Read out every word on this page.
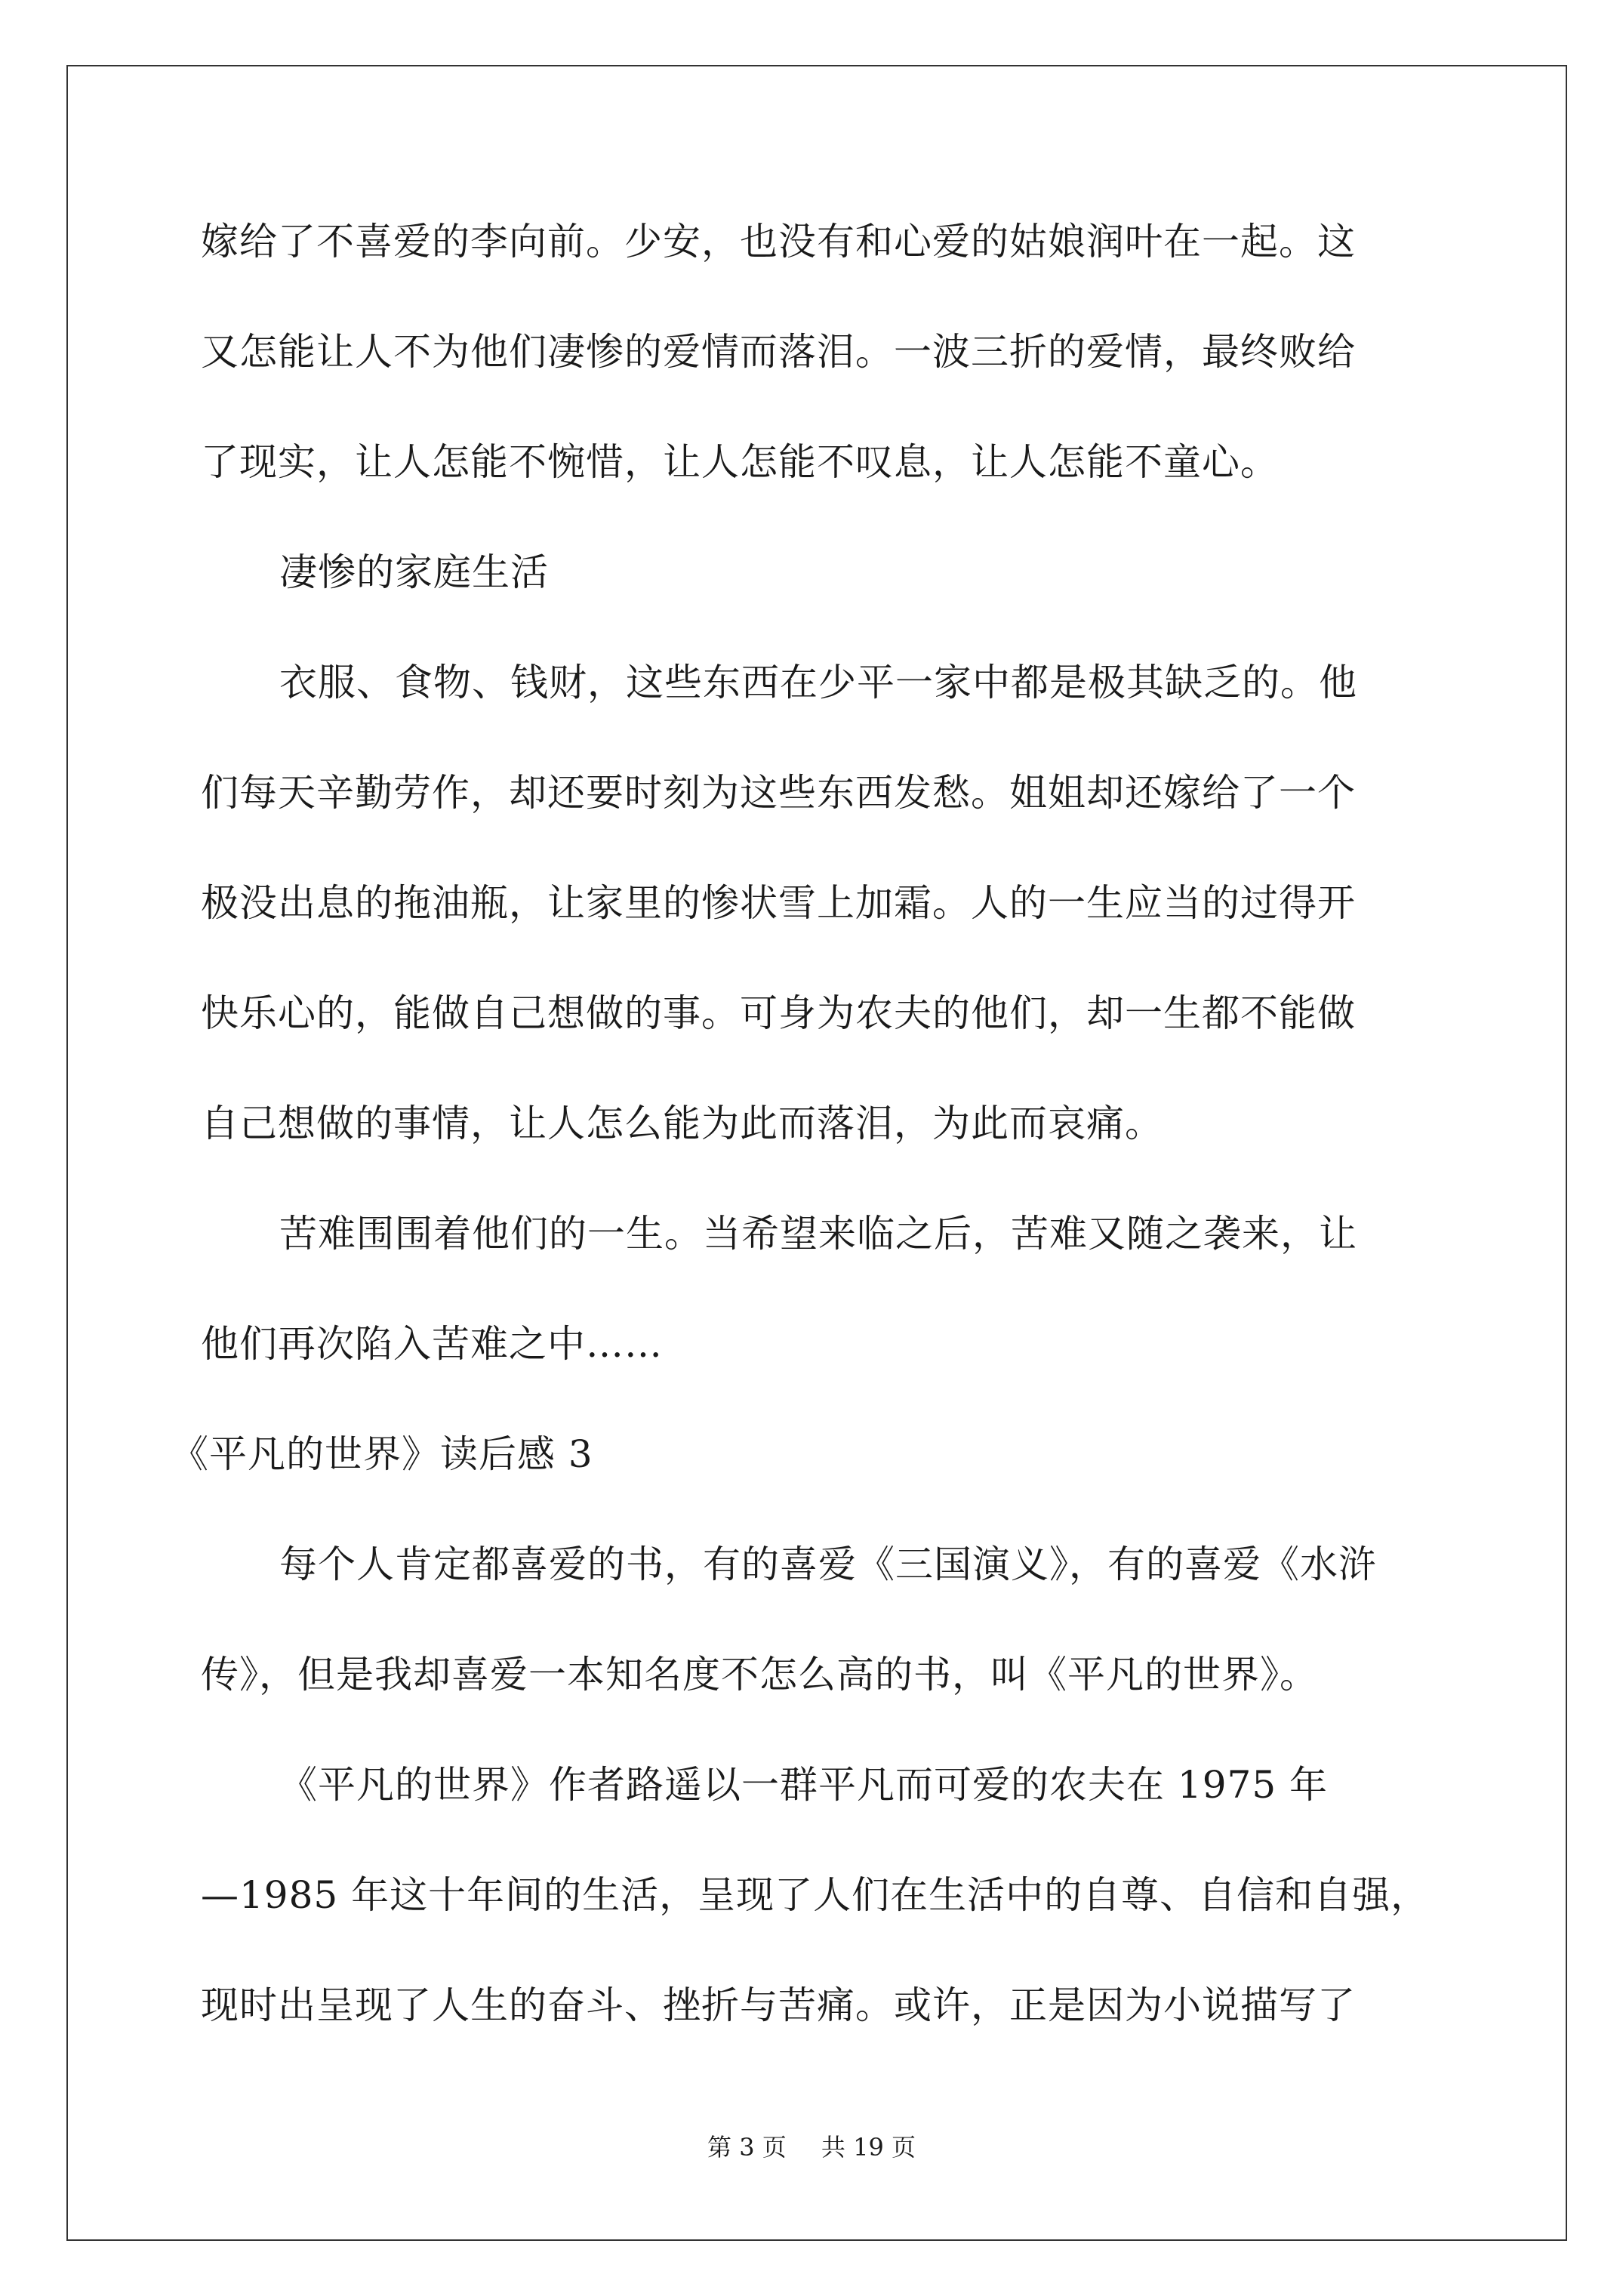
嫁给了不喜爱的李向前。少安，也没有和心爱的姑娘润叶在一起。这
又怎能让人不为他们凄惨的爱情而落泪。一波三折的爱情，最终败给
了现实，让人怎能不惋惜，让人怎能不叹息，让人怎能不童心。
凄惨的家庭生活
衣服、食物、钱财，这些东西在少平一家中都是极其缺乏的。他
们每天辛勤劳作，却还要时刻为这些东西发愁。姐姐却还嫁给了一个
极没出息的拖油瓶，让家里的惨状雪上加霜。人的一生应当的过得开
快乐心的，能做自己想做的事。可身为农夫的他们，却一生都不能做
自己想做的事情，让人怎么能为此而落泪，为此而哀痛。
苦难围围着他们的一生。当希望来临之后，苦难又随之袭来，让
他们再次陷入苦难之中……
《平凡的世界》读后感 3
每个人肯定都喜爱的书，有的喜爱《三国演义》，有的喜爱《水浒
传》，但是我却喜爱一本知名度不怎么高的书，叫《平凡的世界》。
《平凡的世界》作者路遥以一群平凡而可爱的农夫在 1975 年
—1985 年这十年间的生活，呈现了人们在生活中的自尊、自信和自强，
现时出呈现了人生的奋斗、挫折与苦痛。或许，正是因为小说描写了
第 3 页 共 19 页
